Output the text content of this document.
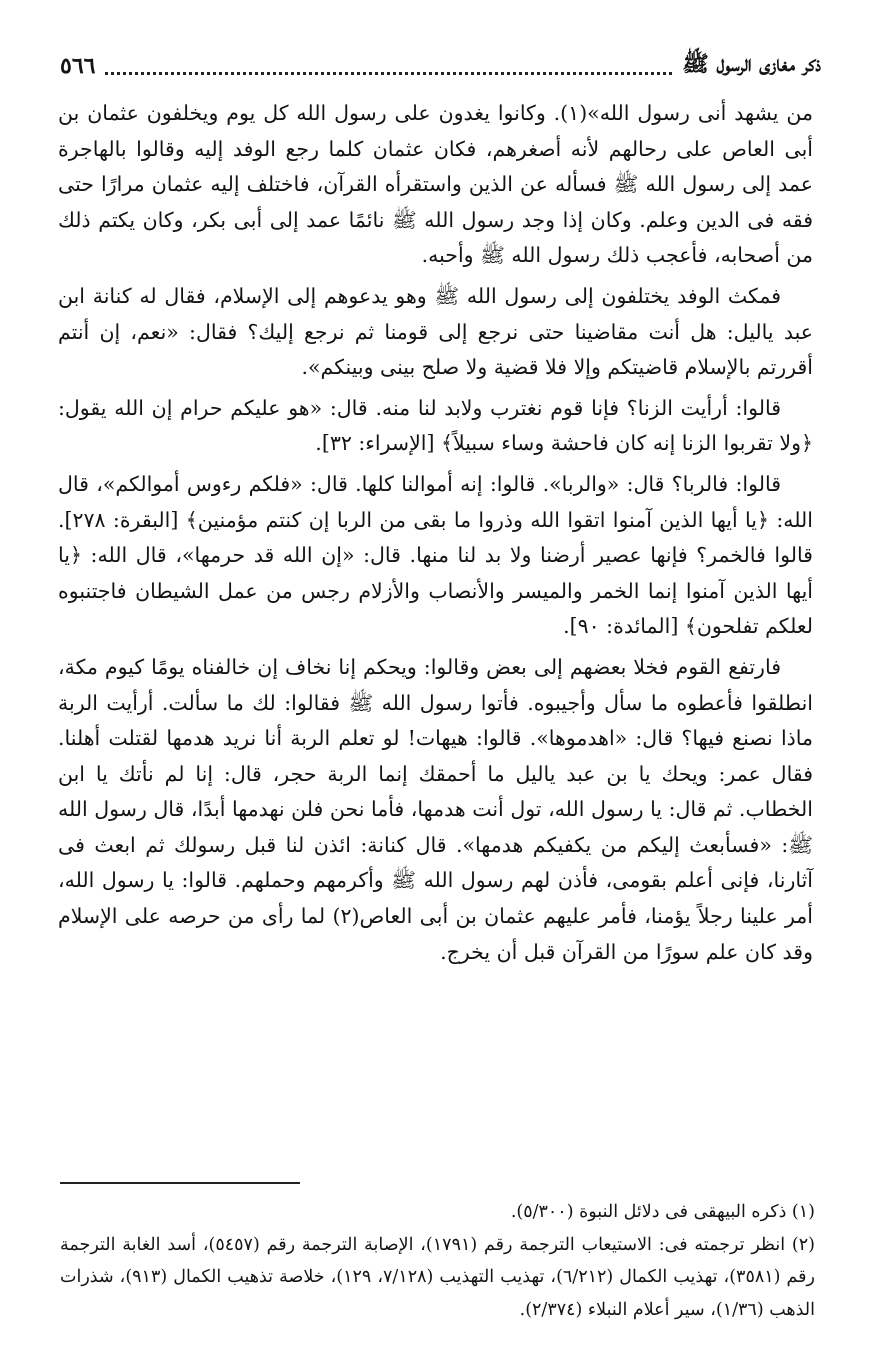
ذكر مغازى الرسول ﷺ
٥٦٦

من يشهد أنى رسول الله»(١). وكانوا يغدون على رسول الله كل يوم ويخلفون عثمان بن أبى العاص على رحالهم لأنه أصغرهم، فكان عثمان كلما رجع الوفد إليه وقالوا بالهاجرة عمد إلى رسول الله ﷺ فسأله عن الذين واستقرأه القرآن، فاختلف إليه عثمان مرارًا حتى فقه فى الدين وعلم. وكان إذا وجد رسول الله ﷺ نائمًا عمد إلى أبى بكر، وكان يكتم ذلك من أصحابه، فأعجب ذلك رسول الله ﷺ وأحبه.

فمكث الوفد يختلفون إلى رسول الله ﷺ وهو يدعوهم إلى الإسلام، فقال له كنانة ابن عبد ياليل: هل أنت مقاضينا حتى نرجع إلى قومنا ثم نرجع إليك؟ فقال: «نعم، إن أنتم أقررتم بالإسلام قاضيتكم وإلا فلا قضية ولا صلح بينى وبينكم».

قالوا: أرأيت الزنا؟ فإنا قوم نغترب ولابد لنا منه. قال: «هو عليكم حرام إن الله يقول: ﴿ولا تقربوا الزنا إنه كان فاحشة وساء سبيلاً﴾ [الإسراء: ٣٢].

قالوا: فالربا؟ قال: «والربا». قالوا: إنه أموالنا كلها. قال: «فلكم رءوس أموالكم»، قال الله: ﴿يا أيها الذين آمنوا اتقوا الله وذروا ما بقى من الربا إن كنتم مؤمنين﴾ [البقرة: ٢٧٨]. قالوا فالخمر؟ فإنها عصير أرضنا ولا بد لنا منها. قال: «إن الله قد حرمها»، قال الله: ﴿يا أيها الذين آمنوا إنما الخمر والميسر والأنصاب والأزلام رجس من عمل الشيطان فاجتنبوه لعلكم تفلحون﴾ [المائدة: ٩٠].

فارتفع القوم فخلا بعضهم إلى بعض وقالوا: ويحكم إنا نخاف إن خالفناه يومًا كيوم مكة، انطلقوا فأعطوه ما سأل وأجيبوه. فأتوا رسول الله ﷺ فقالوا: لك ما سألت. أرأيت الربة ماذا نصنع فيها؟ قال: «اهدموها». قالوا: هيهات! لو تعلم الربة أنا نريد هدمها لقتلت أهلنا. فقال عمر: ويحك يا بن عبد ياليل ما أحمقك إنما الربة حجر، قال: إنا لم نأتك يا ابن الخطاب. ثم قال: يا رسول الله، تول أنت هدمها، فأما نحن فلن نهدمها أبدًا، قال رسول الله ﷺ: «فسأبعث إليكم من يكفيكم هدمها». قال كنانة: ائذن لنا قبل رسولك ثم ابعث فى آثارنا، فإنى أعلم بقومى، فأذن لهم رسول الله ﷺ وأكرمهم وحملهم. قالوا: يا رسول الله، أمر علينا رجلاً يؤمنا، فأمر عليهم عثمان بن أبى العاص(٢) لما رأى من حرصه على الإسلام وقد كان علم سورًا من القرآن قبل أن يخرج.

(١) ذكره البيهقى فى دلائل النبوة (٥/٣٠٠).

(٢) انظر ترجمته فى: الاستيعاب الترجمة رقم (١٧٩١)، الإصابة الترجمة رقم (٥٤٥٧)، أسد الغابة الترجمة رقم (٣٥٨١)، تهذيب الكمال (٦/٢١٢)، تهذيب التهذيب (٧/١٢٨، ١٢٩)، خلاصة تذهيب الكمال (٩١٣)، شذرات الذهب (١/٣٦)، سير أعلام النبلاء (٢/٣٧٤).
